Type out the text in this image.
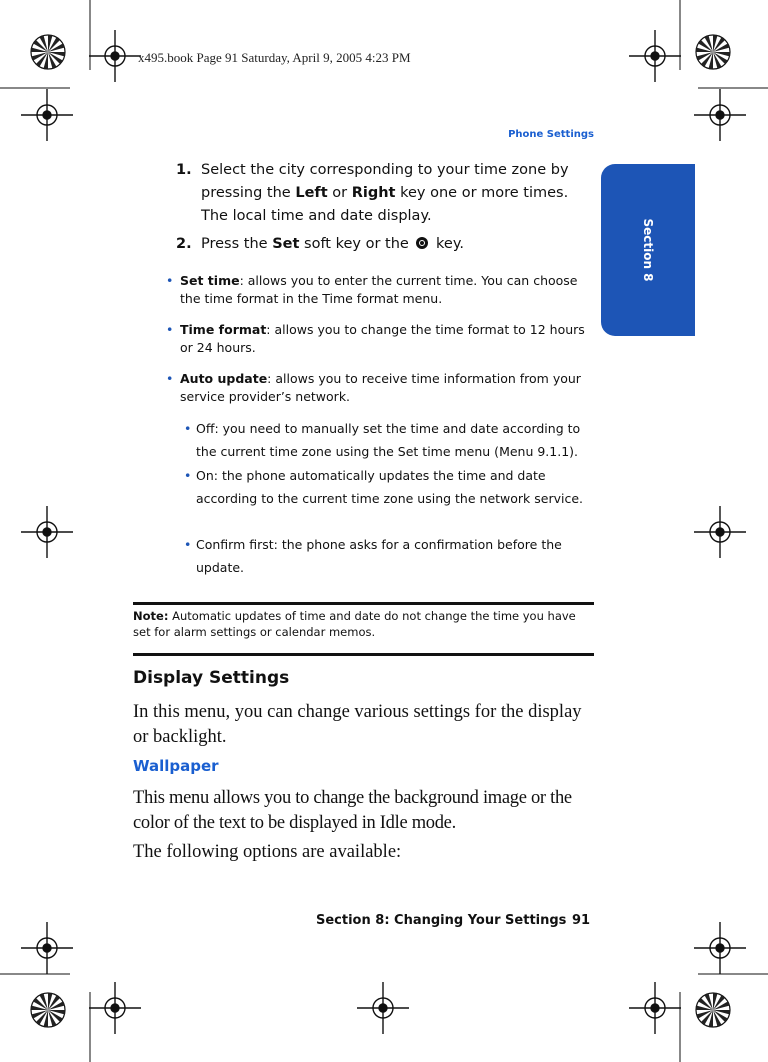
x495.book Page 91 Saturday, April 9, 2005 4:23 PM
Phone Settings
Section 8
1. Select the city corresponding to your time zone by pressing the Left or Right key one or more times. The local time and date display.
2. Press the Set soft key or the  key.
• Set time: allows you to enter the current time. You can choose the time format in the Time format menu.
• Time format: allows you to change the time format to 12 hours or 24 hours.
• Auto update: allows you to receive time information from your service provider’s network.
• Off: you need to manually set the time and date according to the current time zone using the Set time menu (Menu 9.1.1).
• On: the phone automatically updates the time and date according to the current time zone using the network service.
• Confirm first: the phone asks for a confirmation before the update.
Note: Automatic updates of time and date do not change the time you have set for alarm settings or calendar memos.
Display Settings
In this menu, you can change various settings for the display or backlight.
Wallpaper
This menu allows you to change the background image or the color of the text to be displayed in Idle mode.
The following options are available:
Section 8: Changing Your Settings 91
